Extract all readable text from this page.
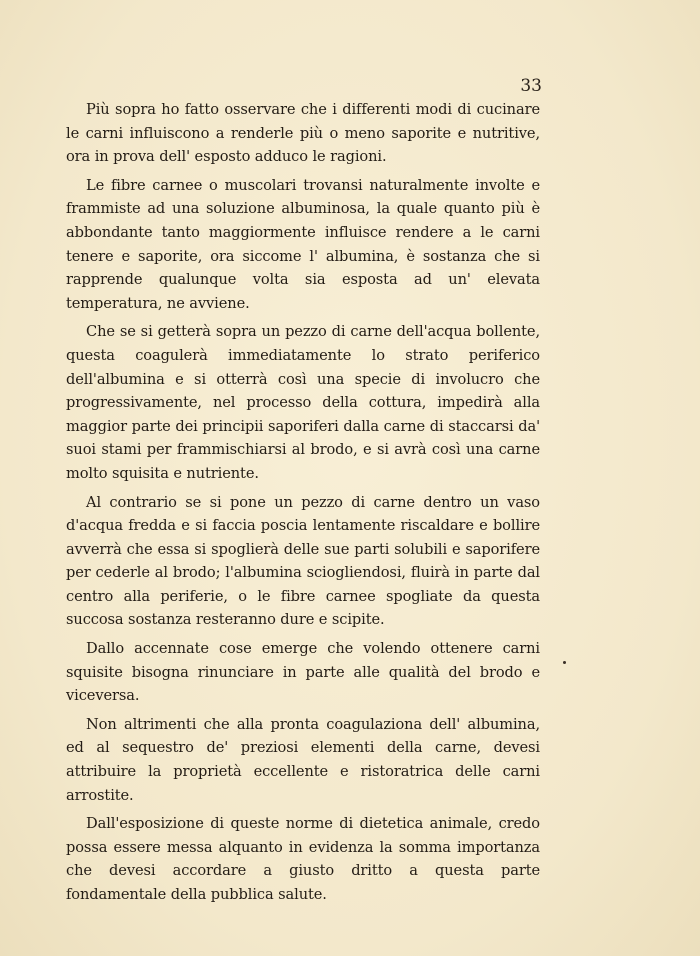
33

Più sopra ho fatto osservare che i differenti modi di cucinare le carni influiscono a renderle più o meno saporite e nutritive, ora in prova dell' esposto adduco le ragioni.

Le fibre carnee o muscolari trovansi naturalmente involte e frammiste ad una soluzione albuminosa, la quale quanto più è abbondante tanto maggiormente influisce rendere a le carni tenere e saporite, ora siccome l' albumina, è sostanza che si rapprende qualunque volta sia esposta ad un' elevata temperatura, ne avviene.

Che se si getterà sopra un pezzo di carne dell'acqua bollente, questa coagulerà immediatamente lo strato periferico dell'albumina e si otterrà così una specie di involucro che progressivamente, nel processo della cottura, impedirà alla maggior parte dei principii saporiferi dalla carne di staccarsi da' suoi stami per frammischiarsi al brodo, e si avrà così una carne molto squisita e nutriente.

Al contrario se si pone un pezzo di carne dentro un vaso d'acqua fredda e si faccia poscia lentamente riscaldare e bollire avverrà che essa si spoglierà delle sue parti solubili e saporifere per cederle al brodo; l'albumina sciogliendosi, fluirà in parte dal centro alla periferie, o le fibre carnee spogliate da questa succosa sostanza resteranno dure e scipite.

Dallo accennate cose emerge che volendo ottenere carni squisite bisogna rinunciare in parte alle qualità del brodo e viceversa.

Non altrimenti che alla pronta coagulaziona dell' albumina, ed al sequestro de' preziosi elementi della carne, devesi attribuire la proprietà eccellente e ristoratrica delle carni arrostite.

Dall'esposizione di queste norme di dietetica animale, credo possa essere messa alquanto in evidenza la somma importanza che devesi accordare a giusto dritto a questa parte fondamentale della pubblica salute.
